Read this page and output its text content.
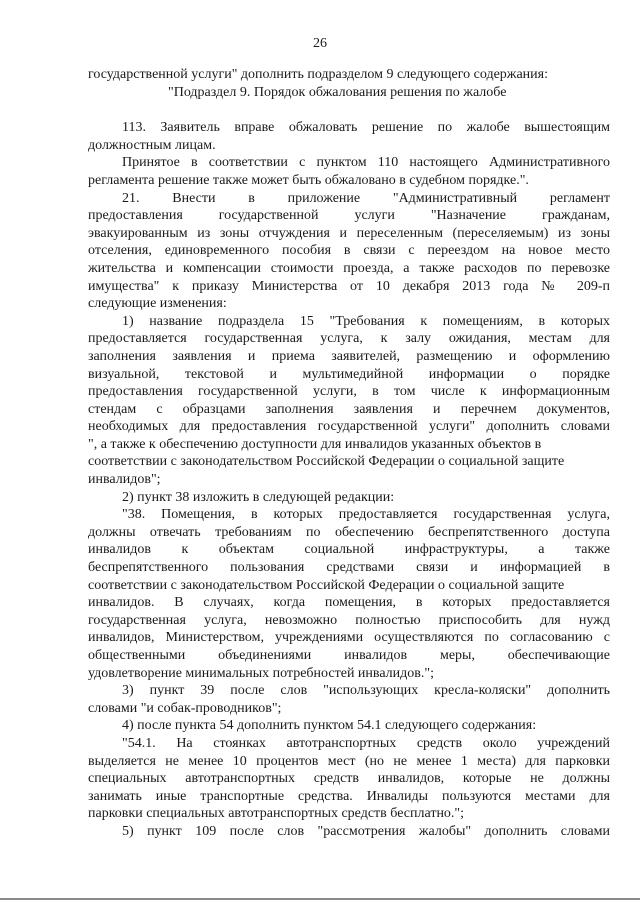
26
государственной услуги" дополнить подразделом 9 следующего содержания:
"Подраздел 9. Порядок обжалования решения по жалобе
113. Заявитель вправе обжаловать решение по жалобе вышестоящим
должностным лицам.
Принятое в соответствии с пунктом 110 настоящего Административного
регламента решение также может быть обжаловано в судебном порядке.".
21. Внести в приложение "Административный регламент
предоставления государственной услуги "Назначение гражданам,
эвакуированным из зоны отчуждения и переселенным (переселяемым) из зоны
отселения, единовременного пособия в связи с переездом на новое место
жительства и компенсации стоимости проезда, а также расходов по перевозке
имущества" к приказу Министерства от 10 декабря 2013 года № 209-п
следующие изменения:
1) название подраздела 15 "Требования к помещениям, в которых
предоставляется государственная услуга, к залу ожидания, местам для
заполнения заявления и приема заявителей, размещению и оформлению
визуальной, текстовой и мультимедийной информации о порядке
предоставления государственной услуги, в том числе к информационным
стендам с образцами заполнения заявления и перечнем документов,
необходимых для предоставления государственной услуги" дополнить словами
", а также к обеспечению доступности для инвалидов указанных объектов в
соответствии с законодательством Российской Федерации о социальной защите
инвалидов";
2) пункт 38 изложить в следующей редакции:
"38. Помещения, в которых предоставляется государственная услуга,
должны отвечать требованиям по обеспечению беспрепятственного доступа
инвалидов к объектам социальной инфраструктуры, а также
беспрепятственного пользования средствами связи и информацией в
соответствии с законодательством Российской Федерации о социальной защите
инвалидов. В случаях, когда помещения, в которых предоставляется
государственная услуга, невозможно полностью приспособить для нужд
инвалидов, Министерством, учреждениями осуществляются по согласованию с
общественными объединениями инвалидов меры, обеспечивающие
удовлетворение минимальных потребностей инвалидов.";
3) пункт 39 после слов "использующих кресла-коляски" дополнить
словами "и собак-проводников";
4) после пункта 54 дополнить пунктом 54.1 следующего содержания:
"54.1. На стоянках автотранспортных средств около учреждений
выделяется не менее 10 процентов мест (но не менее 1 места) для парковки
специальных автотранспортных средств инвалидов, которые не должны
занимать иные транспортные средства. Инвалиды пользуются местами для
парковки специальных автотранспортных средств бесплатно.";
5) пункт 109 после слов "рассмотрения жалобы" дополнить словами
